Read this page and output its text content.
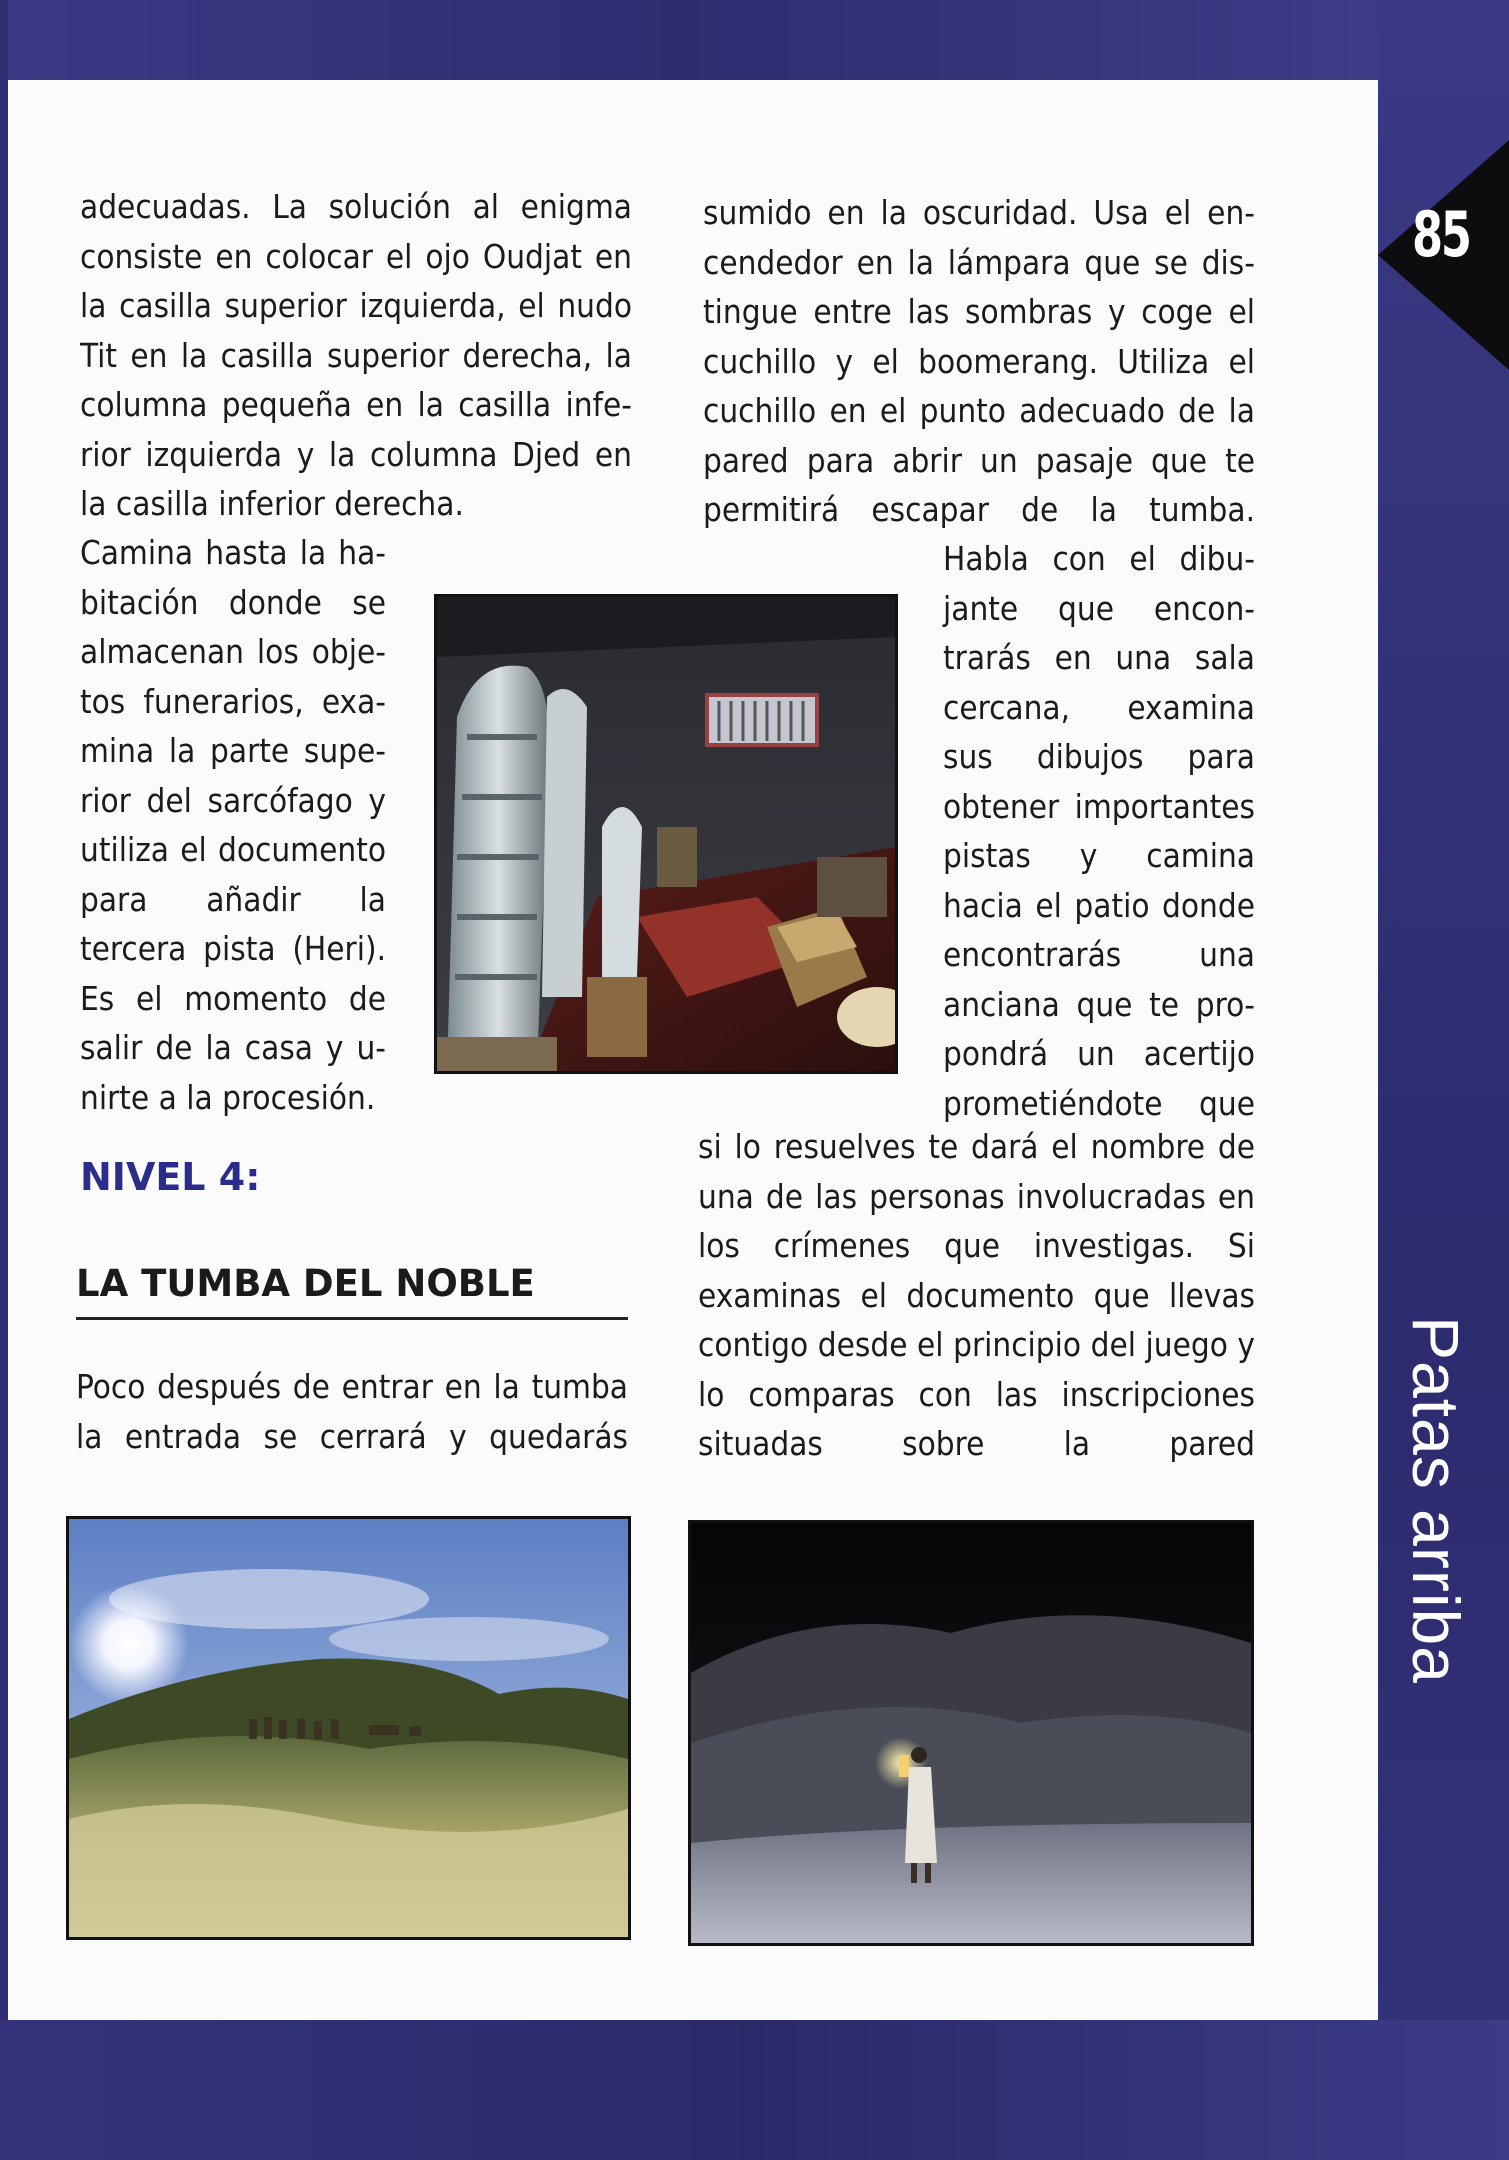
85
Patas arriba

adecuadas. La solución al enigma consiste en colocar el ojo Oudjat en la casilla superior izquierda, el nudo Tit en la casilla superior derecha, la columna pequeña en la casilla inferior izquierda y la columna Djed en la casilla inferior derecha.

Camina hasta la habitación donde se almacenan los objetos funerarios, examina la parte superior del sarcófago y utiliza el documento para añadir la tercera pista (Heri). Es el momento de salir de la casa y unirte a la procesión.

NIVEL 4:
LA TUMBA DEL NOBLE

Poco después de entrar en la tumba la entrada se cerrará y quedarás

sumido en la oscuridad. Usa el encendedor en la lámpara que se distingue entre las sombras y coge el cuchillo y el boomerang. Utiliza el cuchillo en el punto adecuado de la pared para abrir un pasaje que te permitirá escapar de la tumba.

Habla con el dibujante que encontrarás en una sala cercana, examina sus dibujos para obtener importantes pistas y camina hacia el patio donde encontrarás una anciana que te propondrá un acertijo prometiéndote que

si lo resuelves te dará el nombre de una de las personas involucradas en los crímenes que investigas. Si examinas el documento que llevas contigo desde el principio del juego y lo comparas con las inscripciones situadas sobre la pared
